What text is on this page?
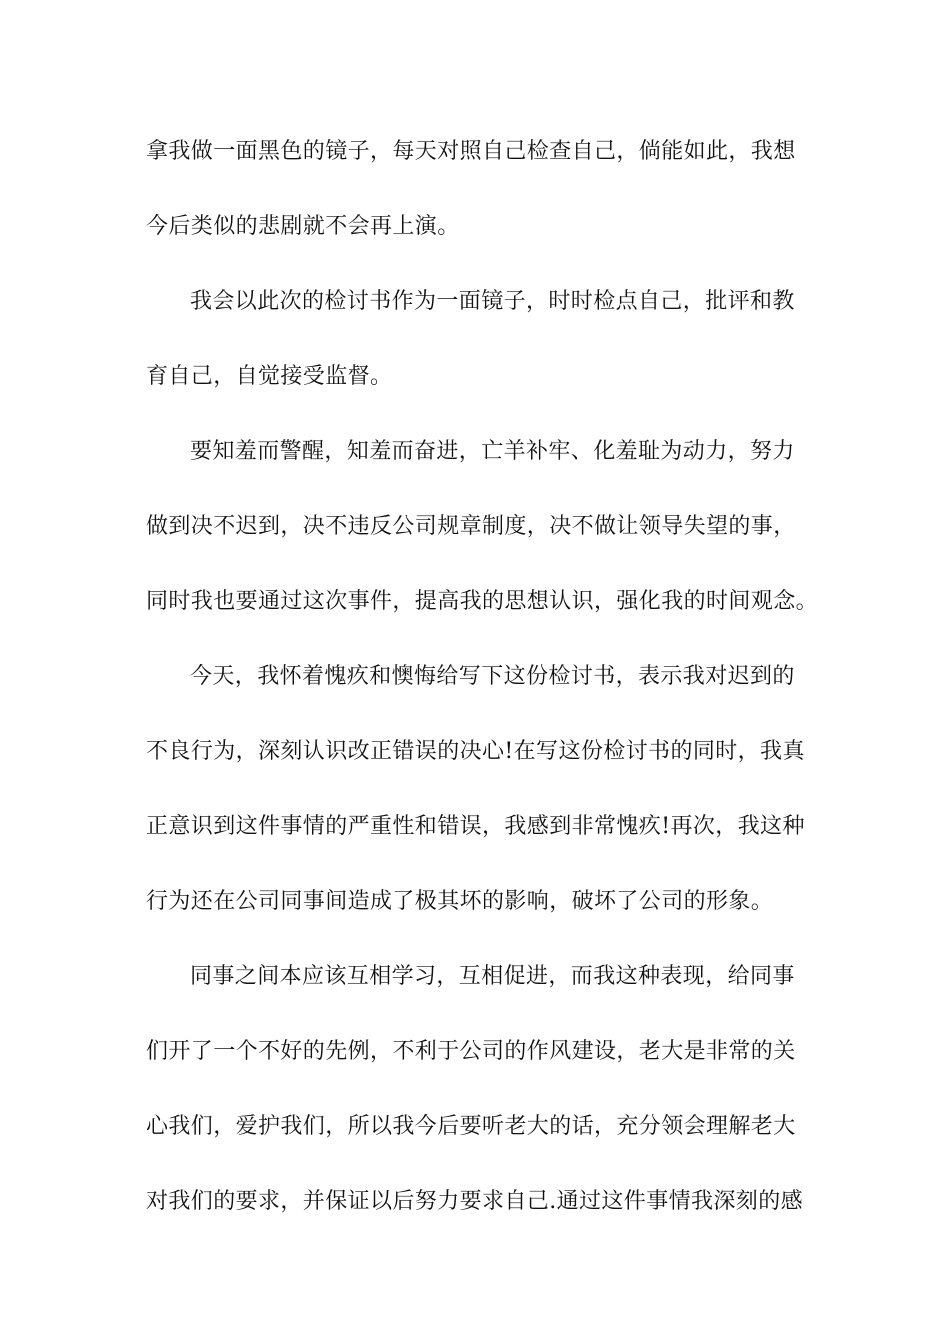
拿我做一面黑色的镜子，每天对照自己检查自己，倘能如此，我想
今后类似的悲剧就不会再上演。
我会以此次的检讨书作为一面镜子，时时检点自己，批评和教
育自己，自觉接受监督。
要知羞而警醒，知羞而奋进，亡羊补牢、化羞耻为动力，努力
做到决不迟到，决不违反公司规章制度，决不做让领导失望的事，
同时我也要通过这次事件，提高我的思想认识，强化我的时间观念。
今天，我怀着愧疚和懊悔给写下这份检讨书，表示我对迟到的
不良行为，深刻认识改正错误的决心!在写这份检讨书的同时，我真
正意识到这件事情的严重性和错误，我感到非常愧疚!再次，我这种
行为还在公司同事间造成了极其坏的影响，破坏了公司的形象。
同事之间本应该互相学习，互相促进，而我这种表现，给同事
们开了一个不好的先例，不利于公司的作风建设，老大是非常的关
心我们，爱护我们，所以我今后要听老大的话，充分领会理解老大
对我们的要求，并保证以后努力要求自己.通过这件事情我深刻的感
